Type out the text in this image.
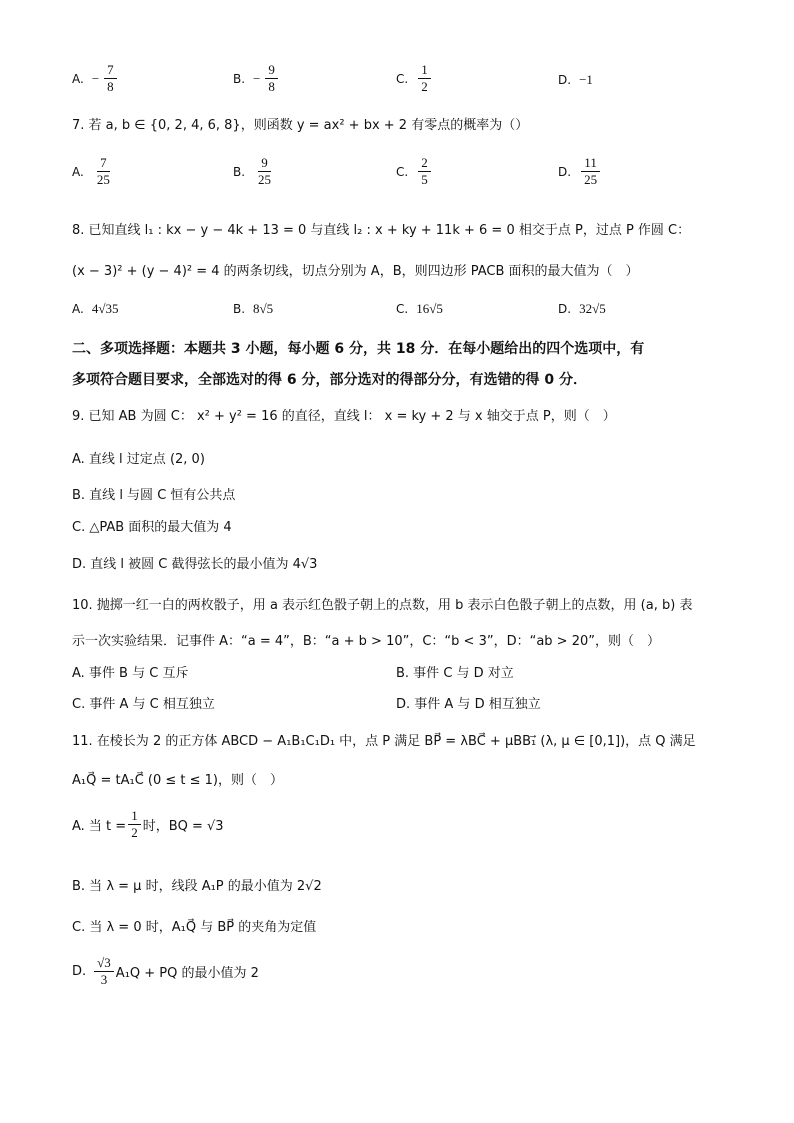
A. − $\frac{7}{8}$	B. − $\frac{9}{8}$	C. $\frac{1}{2}$	D. −1
7. 若 a, b ∈ {0, 2, 4, 6, 8}，则函数 y = ax² + bx + 2 有零点的概率为（）
A. $\frac{7}{25}$	B. $\frac{9}{25}$	C. $\frac{2}{5}$	D. $\frac{11}{25}$
8. 已知直线 l₁ : kx − y − 4k + 13 = 0 与直线 l₂ : x + ky + 11k + 6 = 0 相交于点 P，过点 P 作圆 C：
(x − 3)² + (y − 4)² = 4 的两条切线，切点分别为 A，B，则四边形 PACB 面积的最大值为（　）
A. 4√35	B. 8√5	C. 16√5	D. 32√5
二、多项选择题：本题共 3 小题，每小题 6 分，共 18 分．在每小题给出的四个选项中，有
多项符合题目要求，全部选对的得 6 分，部分选对的得部分分，有选错的得 0 分．
9. 已知 AB 为圆 C： x² + y² = 16 的直径，直线 l： x = ky + 2 与 x 轴交于点 P，则（　）
A. 直线 l 过定点 (2, 0)
B. 直线 l 与圆 C 恒有公共点
C. △PAB 面积的最大值为 4
D. 直线 l 被圆 C 截得弦长的最小值为 4√3
10. 抛掷一红一白的两枚骰子，用 a 表示红色骰子朝上的点数，用 b 表示白色骰子朝上的点数，用 (a, b) 表
示一次实验结果．记事件 A：“a = 4”，B：“a + b > 10”，C：“b < 3”，D：“ab > 20”，则（　）
A. 事件 B 与 C 互斥	B. 事件 C 与 D 对立
C. 事件 A 与 C 相互独立	D. 事件 A 与 D 相互独立
11. 在棱长为 2 的正方体 ABCD − A₁B₁C₁D₁ 中，点 P 满足 BP⃗ = λBC⃗ + μBB₁⃗ (λ, μ ∈ [0,1])，点 Q 满足
A₁Q⃗ = tA₁C⃗ (0 ≤ t ≤ 1)，则（　）
A. 当 $t = \frac{1}{2}$ 时，BQ = √3
B. 当 λ = μ 时，线段 A₁P 的最小值为 2√2
C. 当 λ = 0 时，A₁Q⃗ 与 BP⃗ 的夹角为定值
D. $\frac{√3}{3} A_1Q$ + PQ 的最小值为 2
